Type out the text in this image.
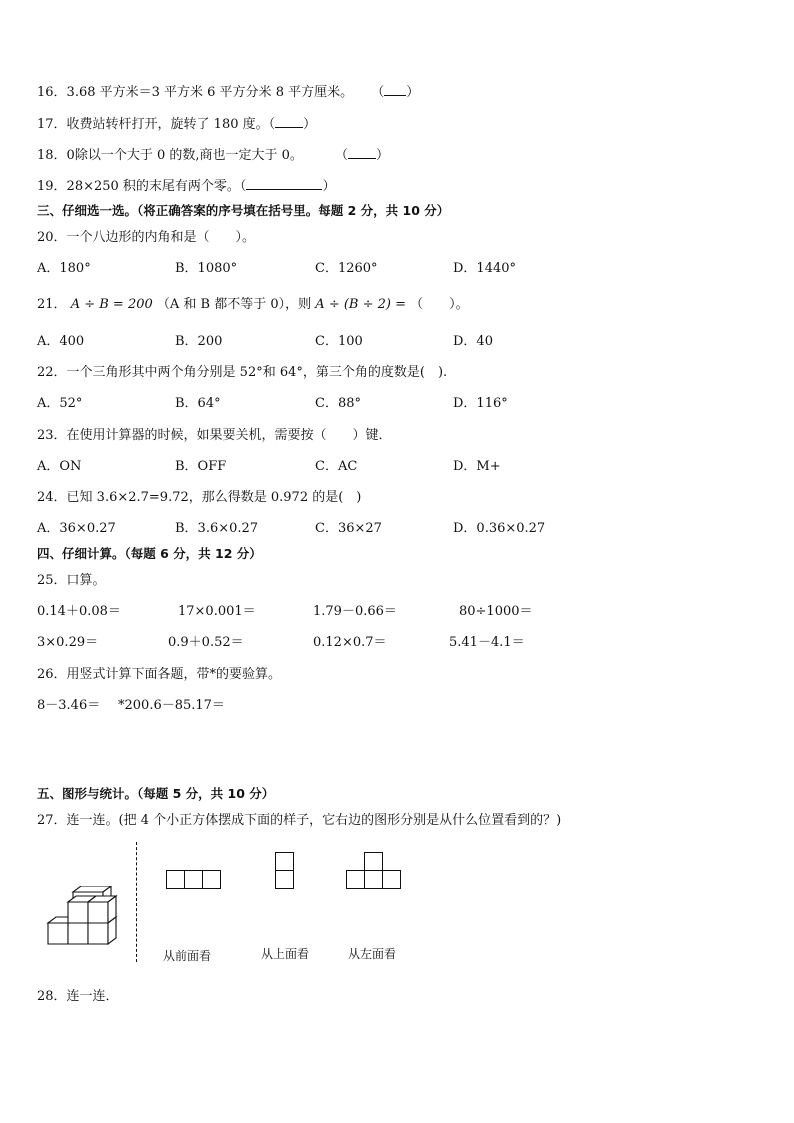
16．3.68 平方米＝3 平方米 6 平方分米 8 平方厘米。 （ ）
17．收费站转杆打开，旋转了 180 度。（ ）
18．0除以一个大于 0 的数,商也一定大于 0。 （ ）
19．28×250 积的末尾有两个零。（	）
三、仔细选一选。（将正确答案的序号填在括号里。每题 2 分，共 10 分）
20．一个八边形的内角和是（　　）。
A．180°	B．1080°	C．1260°	D．1440°
21． A ÷ B = 200 （A 和 B 都不等于 0），则 A ÷ (B ÷ 2) = （　　）。
A．400	B．200	C．100	D．40
22．一个三角形其中两个角分别是 52°和 64°，第三个角的度数是(　).
A．52°	B．64°	C．88°	D．116°
23．在使用计算器的时候，如果要关机，需要按（　　）键．
A．ON	B．OFF	C．AC	D．M+
24．已知 3.6×2.7=9.72，那么得数是 0.972 的是(　)
A．36×0.27	B．3.6×0.27	C．36×27	D．0.36×0.27
四、仔细计算。（每题 6 分，共 12 分）
25．口算。
0.14＋0.08＝	17×0.001＝	1.79－0.66＝	80÷1000＝
3×0.29＝	0.9＋0.52＝	0.12×0.7＝	5.41－4.1＝
26．用竖式计算下面各题，带*的要验算。
8－3.46＝ *200.6－85.17＝
五、图形与统计。（每题 5 分，共 10 分）
27．连一连。(把 4 个小正方体摆成下面的样子，它右边的图形分别是从什么位置看到的？)
从前面看	从上面看	从左面看
28．连一连．
